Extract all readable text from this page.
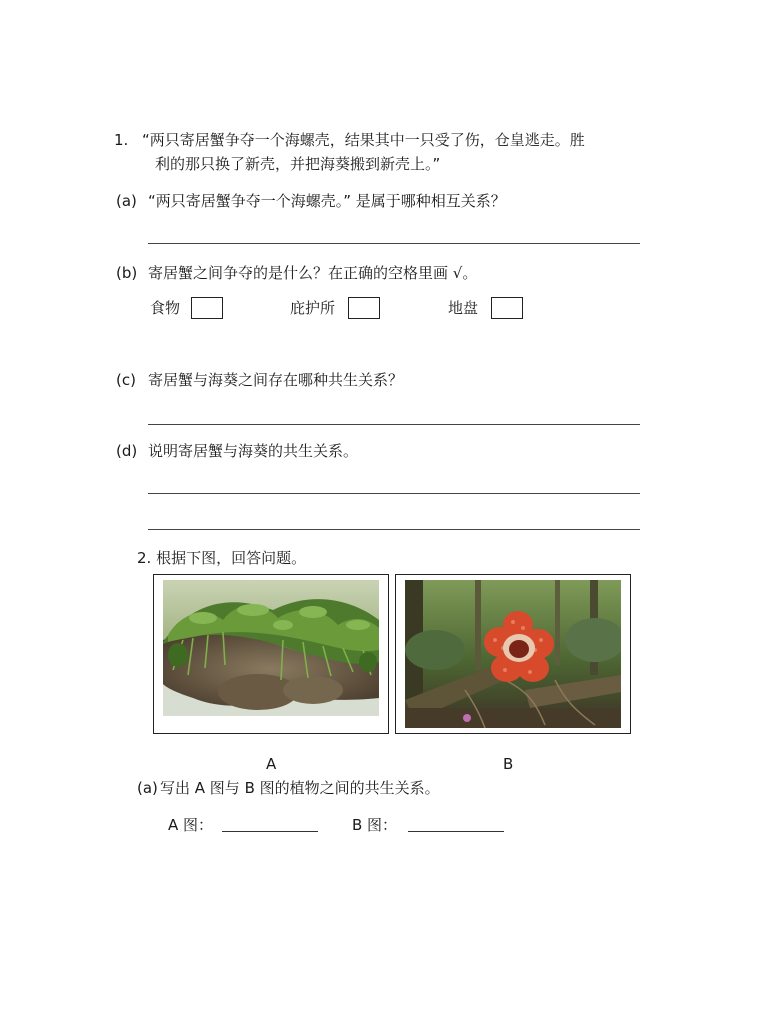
1. “两只寄居蟹争夺一个海螺壳，结果其中一只受了伤，仓皇逃走。胜
利的那只换了新壳，并把海葵搬到新壳上。”
(a) “两只寄居蟹争夺一个海螺壳。” 是属于哪种相互关系？
(b) 寄居蟹之间争夺的是什么？在正确的空格里画 √。
食物	庇护所	地盘
(c) 寄居蟹与海葵之间存在哪种共生关系？
(d) 说明寄居蟹与海葵的共生关系。
2. 根据下图，回答问题。
A	B
(a) 写出 A 图与 B 图的植物之间的共生关系。
A 图：	B 图：
